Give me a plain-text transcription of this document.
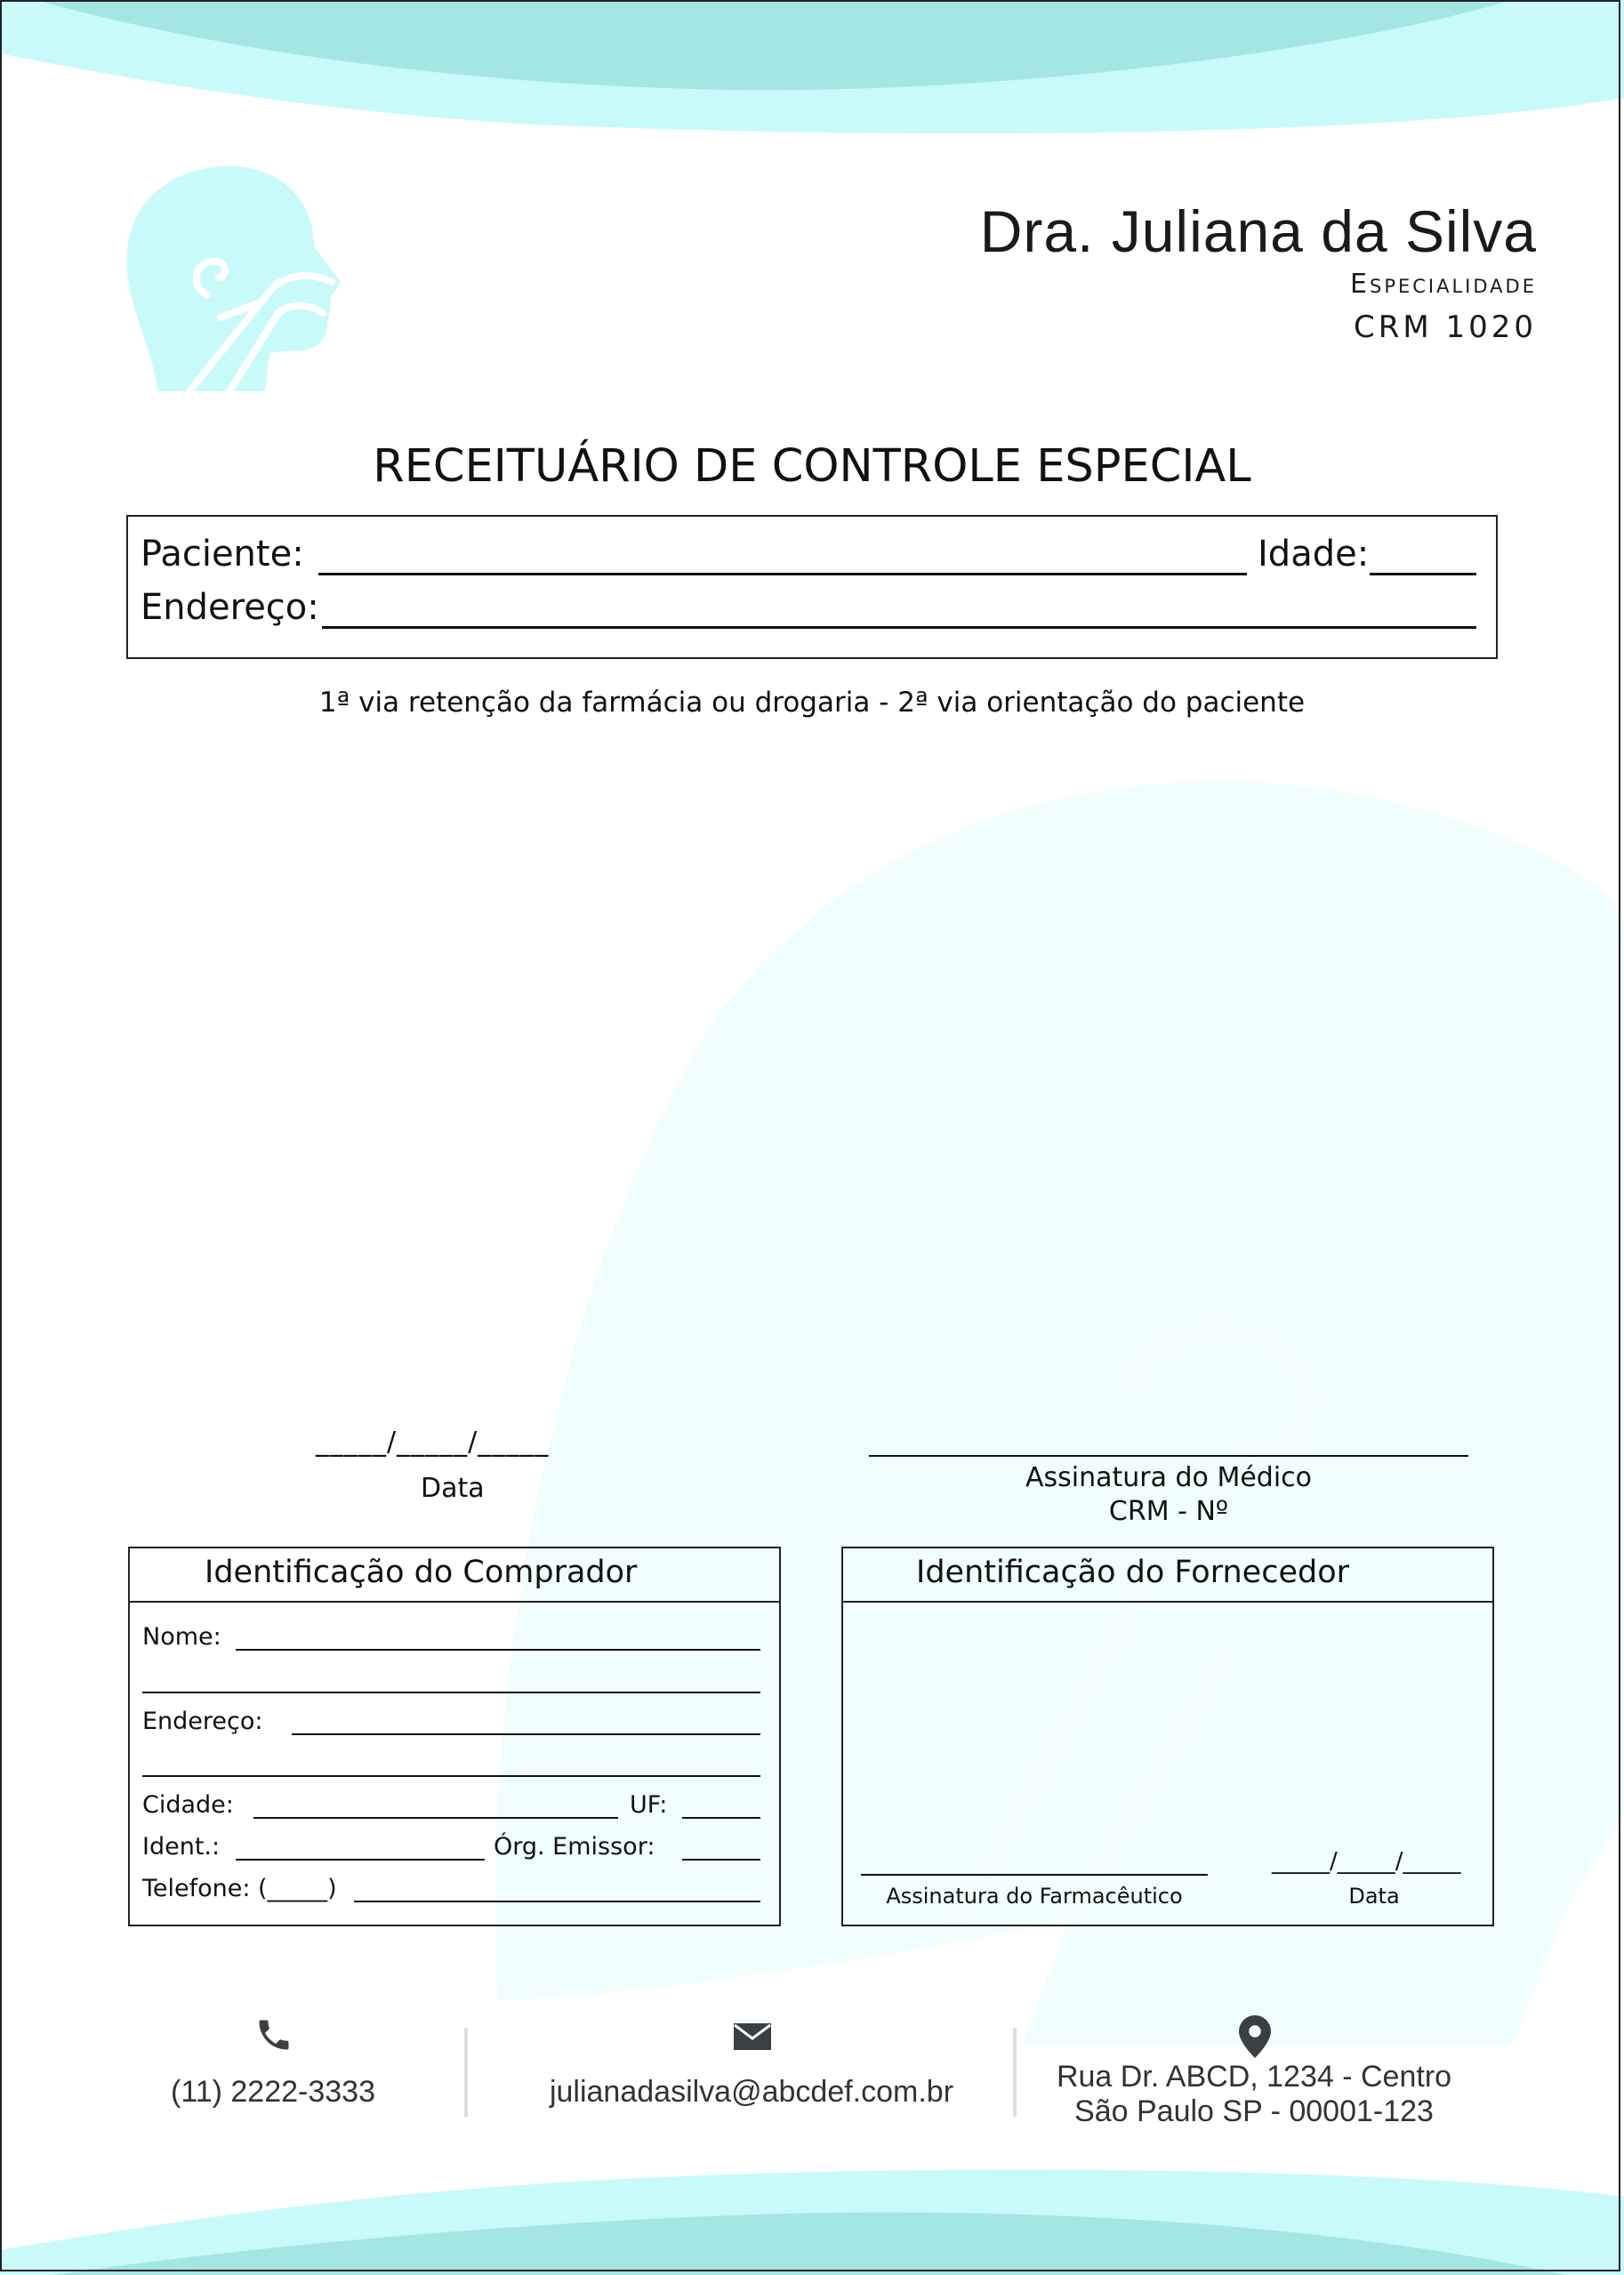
Dra. Juliana da Silva
Especialidade
CRM 1020
RECEITUÁRIO DE CONTROLE ESPECIAL
Paciente:	Idade:
Endereço:
1ª via retenção da farmácia ou drogaria - 2ª via orientação do paciente
_____/_____/_____
Data	Assinatura do Médico
CRM - Nº
Identificação do Comprador
Nome:
Endereço:
Cidade:	UF:
Ident.:	Órg. Emissor:
Telefone: (_____)
Identificação do Fornecedor
Assinatura do Farmacêutico
_____/_____/_____
Data
(11) 2222-3333	julianadasilva@abcdef.com.br	Rua Dr. ABCD, 1234 - Centro
São Paulo SP - 00001-123
